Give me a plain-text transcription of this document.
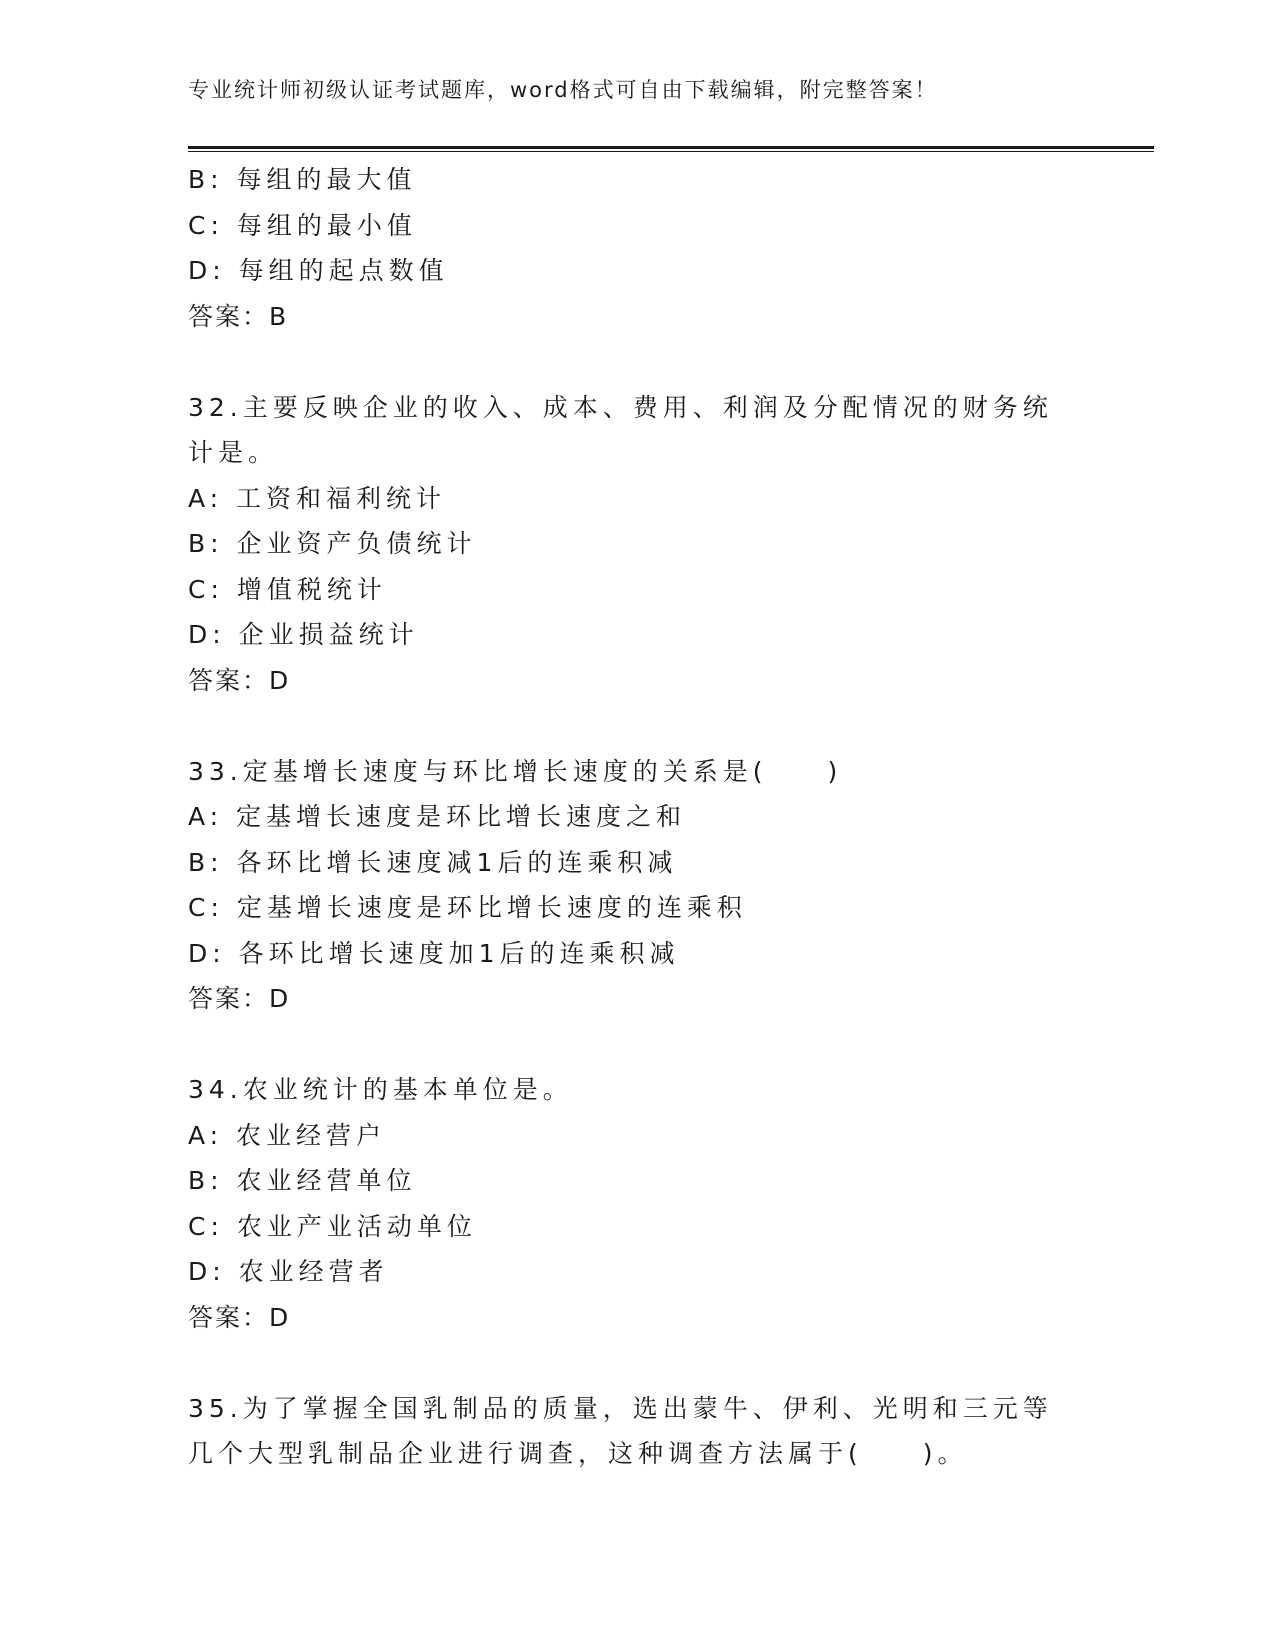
专业统计师初级认证考试题库，word格式可自由下载编辑，附完整答案！
B: 每组的最大值
C: 每组的最小值
D: 每组的起点数值
答案：B
32.主要反映企业的收入、成本、费用、利润及分配情况的财务统计是。
A: 工资和福利统计
B: 企业资产负债统计
C: 增值税统计
D: 企业损益统计
答案：D
33.定基增长速度与环比增长速度的关系是(　　)
A: 定基增长速度是环比增长速度之和
B: 各环比增长速度减1后的连乘积减
C: 定基增长速度是环比增长速度的连乘积
D: 各环比增长速度加1后的连乘积减
答案：D
34.农业统计的基本单位是。
A: 农业经营户
B: 农业经营单位
C: 农业产业活动单位
D: 农业经营者
答案：D
35.为了掌握全国乳制品的质量，选出蒙牛、伊利、光明和三元等几个大型乳制品企业进行调查，这种调查方法属于(　　)。
